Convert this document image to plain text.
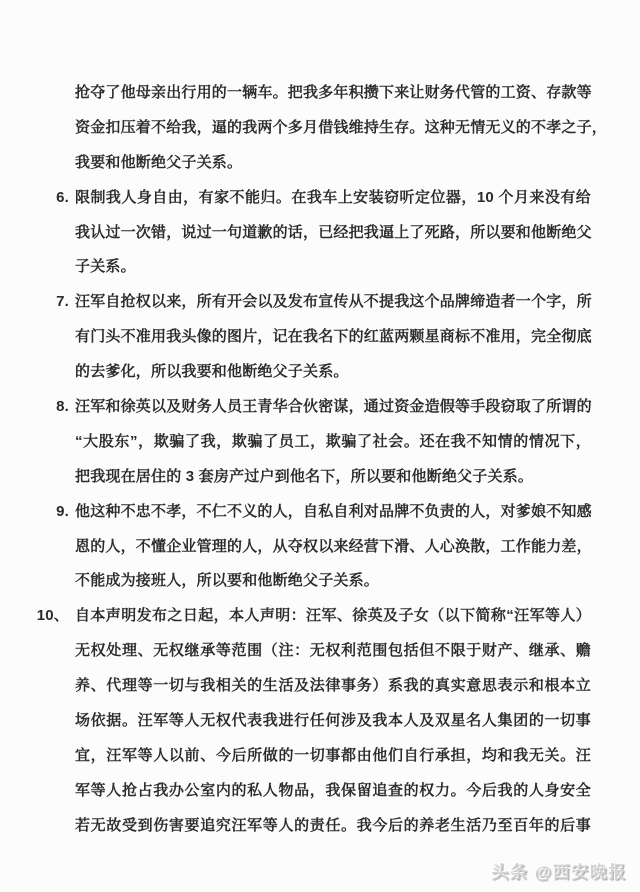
抢夺了他母亲出行用的一辆车。把我多年积攒下来让财务代管的工资、存款等
资金扣压着不给我，逼的我两个多月借钱维持生存。这种无情无义的不孝之子，
我要和他断绝父子关系。
6. 限制我人身自由，有家不能归。在我车上安装窃听定位器，10 个月来没有给
我认过一次错，说过一句道歉的话，已经把我逼上了死路，所以要和他断绝父
子关系。
7. 汪军自抢权以来，所有开会以及发布宣传从不提我这个品牌缔造者一个字，所
有门头不准用我头像的图片，记在我名下的红蓝两颗星商标不准用，完全彻底
的去爹化，所以我要和他断绝父子关系。
8. 汪军和徐英以及财务人员王青华合伙密谋，通过资金造假等手段窃取了所谓的
“大股东”，欺骗了我，欺骗了员工，欺骗了社会。还在我不知情的情况下，
把我现在居住的 3 套房产过户到他名下，所以要和他断绝父子关系。
9. 他这种不忠不孝，不仁不义的人，自私自利对品牌不负责的人，对爹娘不知感
恩的人，不懂企业管理的人，从夺权以来经营下滑、人心涣散，工作能力差，
不能成为接班人，所以要和他断绝父子关系。
10、 自本声明发布之日起，本人声明：汪军、徐英及子女（以下简称“汪军等人）
无权处理、无权继承等范围（注：无权利范围包括但不限于财产、继承、赡
养、代理等一切与我相关的生活及法律事务）系我的真实意思表示和根本立
场依据。汪军等人无权代表我进行任何涉及我本人及双星名人集团的一切事
宜，汪军等人以前、今后所做的一切事都由他们自行承担，均和我无关。汪
军等人抢占我办公室内的私人物品，我保留追查的权力。今后我的人身安全
若无故受到伤害要追究汪军等人的责任。我今后的养老生活乃至百年的后事
头条 @西安晚报
